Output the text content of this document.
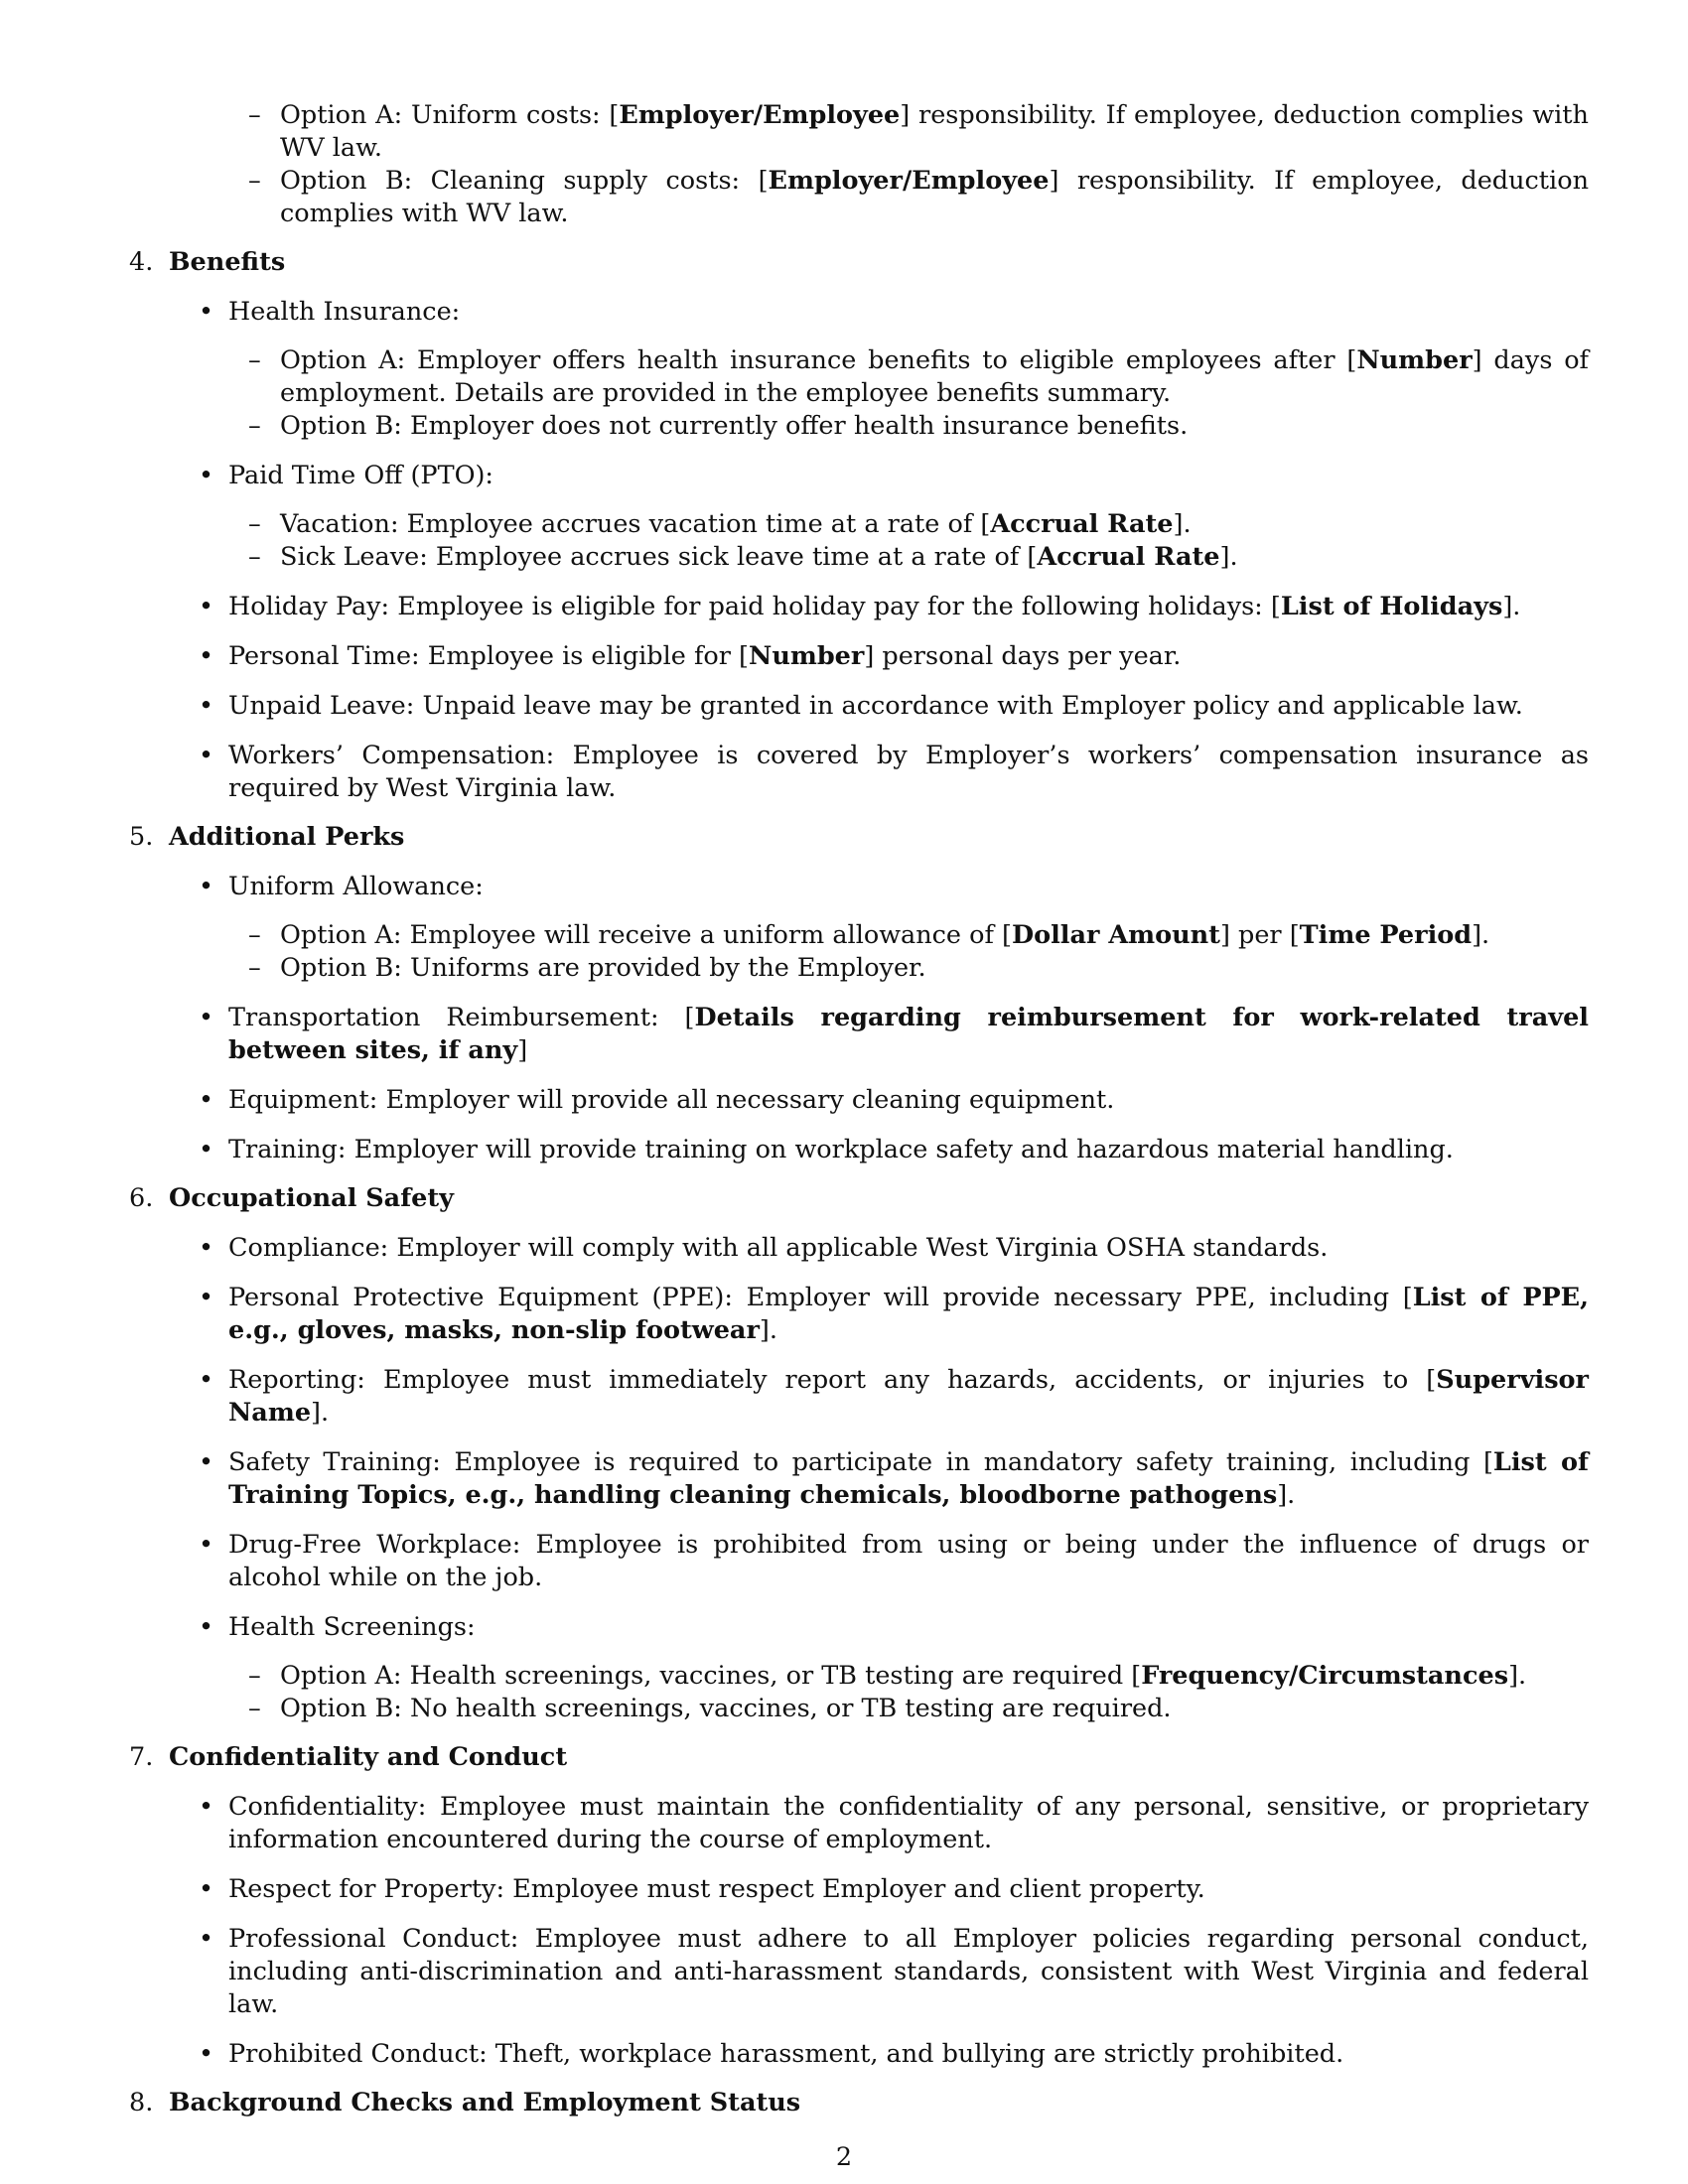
– Option A: Uniform costs: [Employer/Employee] responsibility. If employee, deduction complies with WV law.
– Option B: Cleaning supply costs: [Employer/Employee] responsibility. If employee, deduction complies with WV law.
4. Benefits
• Health Insurance:
– Option A: Employer offers health insurance benefits to eligible employees after [Number] days of employment. Details are provided in the employee benefits summary.
– Option B: Employer does not currently offer health insurance benefits.
• Paid Time Off (PTO):
– Vacation: Employee accrues vacation time at a rate of [Accrual Rate].
– Sick Leave: Employee accrues sick leave time at a rate of [Accrual Rate].
• Holiday Pay: Employee is eligible for paid holiday pay for the following holidays: [List of Holidays].
• Personal Time: Employee is eligible for [Number] personal days per year.
• Unpaid Leave: Unpaid leave may be granted in accordance with Employer policy and applicable law.
• Workers’ Compensation: Employee is covered by Employer’s workers’ compensation insurance as required by West Virginia law.
5. Additional Perks
• Uniform Allowance:
– Option A: Employee will receive a uniform allowance of [Dollar Amount] per [Time Period].
– Option B: Uniforms are provided by the Employer.
• Transportation Reimbursement: [Details regarding reimbursement for work-related travel between sites, if any]
• Equipment: Employer will provide all necessary cleaning equipment.
• Training: Employer will provide training on workplace safety and hazardous material handling.
6. Occupational Safety
• Compliance: Employer will comply with all applicable West Virginia OSHA standards.
• Personal Protective Equipment (PPE): Employer will provide necessary PPE, including [List of PPE, e.g., gloves, masks, non-slip footwear].
• Reporting: Employee must immediately report any hazards, accidents, or injuries to [Supervisor Name].
• Safety Training: Employee is required to participate in mandatory safety training, including [List of Training Topics, e.g., handling cleaning chemicals, bloodborne pathogens].
• Drug-Free Workplace: Employee is prohibited from using or being under the influence of drugs or alcohol while on the job.
• Health Screenings:
– Option A: Health screenings, vaccines, or TB testing are required [Frequency/Circumstances].
– Option B: No health screenings, vaccines, or TB testing are required.
7. Confidentiality and Conduct
• Confidentiality: Employee must maintain the confidentiality of any personal, sensitive, or proprietary information encountered during the course of employment.
• Respect for Property: Employee must respect Employer and client property.
• Professional Conduct: Employee must adhere to all Employer policies regarding personal conduct, including anti-discrimination and anti-harassment standards, consistent with West Virginia and federal law.
• Prohibited Conduct: Theft, workplace harassment, and bullying are strictly prohibited.
8. Background Checks and Employment Status
2
